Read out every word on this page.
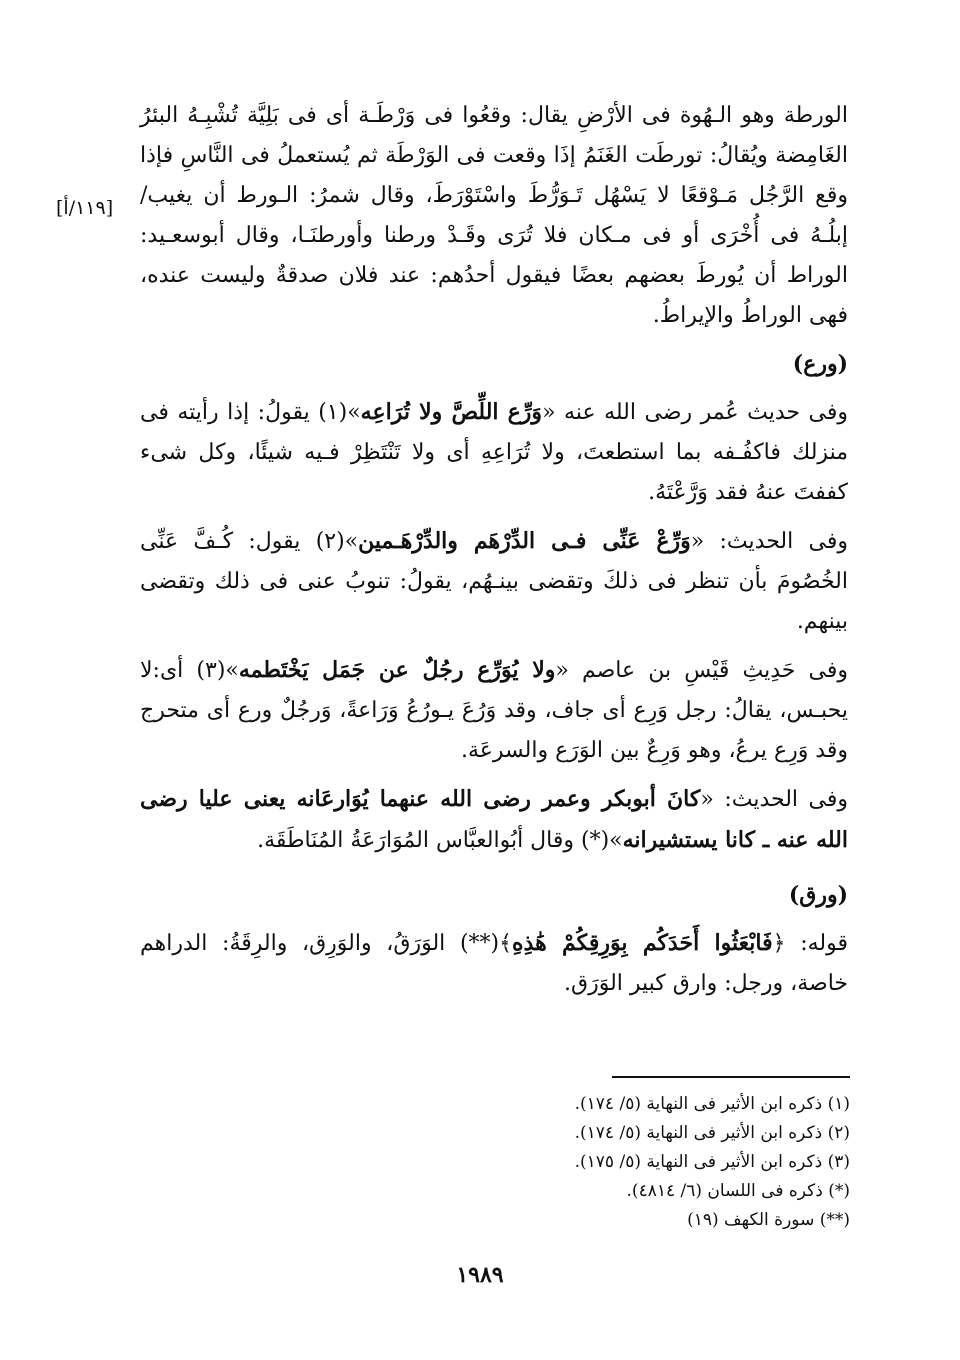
[١١٩/أ]

الورطة وهو الـهُوة فى الأرْضِ يقال: وقعُوا فى وَرْطَـة أى فى بَلِيَّة تُشْبِـهُ البئرُ الغَامِضة ويُقالُ: تورطَت الغَنَمُ إذَا وقعت فى الوَرْطَة ثم يُستعملُ فى النَّاسِ فإذا وقع الرَّجُل مَـوْقعًا لا يَسْهُل تَـوَرُّطَ واسْتَوْرَطَ، وقال شمرُ: الـورط أن يغيب/ إبلُـهُ فى أُخْرَى أو فى مـكان فلا تُرَى وقَـدْ ورطنا وأورطنَـا، وقال أبوسعـيد: الوراط أن يُورطَ بعضهم بعضًا فيقول أحدُهم: عند فلان صدقةٌ وليست عنده، فهى الوراطُ والإيراطُ.

(ورع)

وفى حديث عُمر رضى الله عنه «وَرِّع اللِّصَّ ولا تُرَاعِه»(١) يقولُ: إذا رأيته فى منزلك فاكفُـفه بما استطعتَ، ولا تُرَاعِهِ أى ولا تَنْتَظِرْ فـيه شيئًا، وكل شىء كففتَ عنهُ فقد وَرَّعْتَهُ.

وفى الحديث: «وَرِّعْ عَنِّى فـى الدِّرْهَم والدِّرْهَـمين»(٢) يقول: كُـفَّ عَنِّى الخُصُومَ بأن تنظر فى ذلكَ وتقضى بينـهُم، يقولُ: تنوبُ عنى فى ذلك وتقضى بينهم.

وفى حَدِيثِ قَيْسِ بن عاصم «ولا يُوَرِّع رجُلٌ عن جَمَل يَخْتَطمه»(٣) أى:لا يحبـس، يقالُ: رجل وَرِع أى جاف، وقد وَرُعَ يـورُعُ وَرَاعةً، وَرجُلٌ ورع أى متحرج وقد وَرِع يرعُ، وهو وَرِعٌ بين الوَرَع والسرعَة.

وفى الحديث: «كانَ أبوبكر وعمر رضى الله عنهما يُوَارعَانه يعنى عليا رضى الله عنه ـ كانا يستشيرانه»(*) وقال أبُوالعبَّاس المُوَارَعَةُ المُنَاطَقَة.

(ورق)

قوله: ﴿فَابْعَثُوا أَحَدَكُم بِوَرِقِكُمْ هَٰذِهِ﴾(**) الوَرَقُ، والوَرِق، والرِقَةُ: الدراهم خاصة، ورجل: وارق كبير الوَرَق.

(١) ذكره ابن الأثير فى النهاية (٥/ ١٧٤).
(٢) ذكره ابن الأثير فى النهاية (٥/ ١٧٤).
(٣) ذكره ابن الأثير فى النهاية (٥/ ١٧٥).
(*) ذكره فى اللسان (٦/ ٤٨١٤).
(**) سورة الكهف (١٩)
١٩٨٩
